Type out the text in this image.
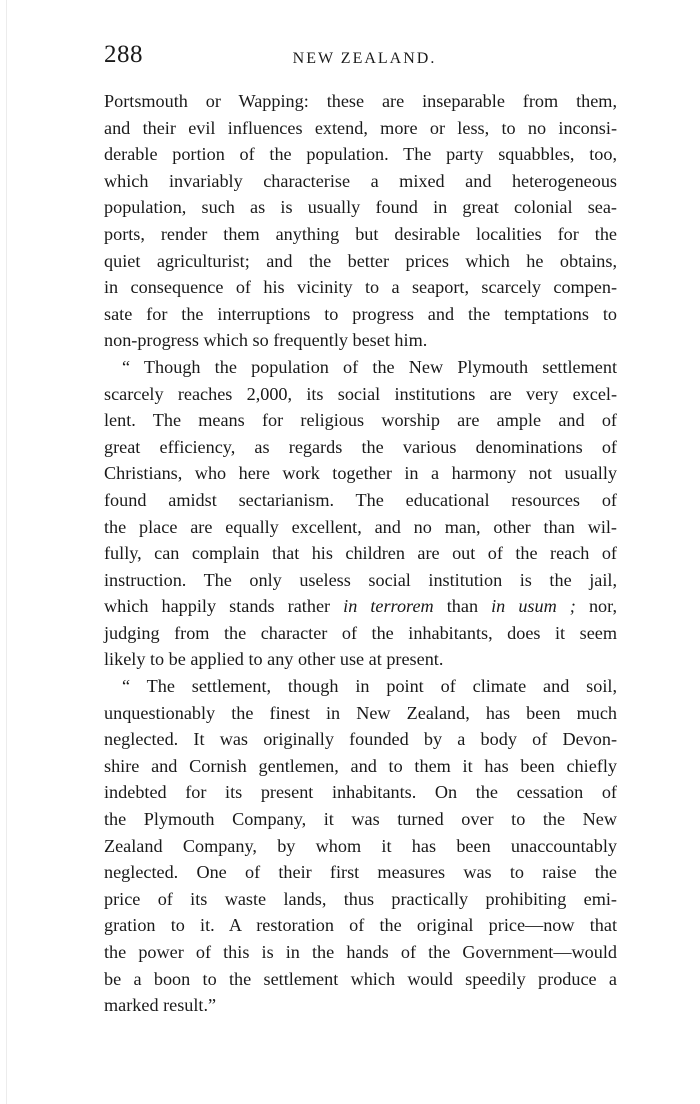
288	NEW ZEALAND.

Portsmouth or Wapping: these are inseparable from them,
and their evil influences extend, more or less, to no inconsi-
derable portion of the population. The party squabbles, too,
which invariably characterise a mixed and heterogeneous
population, such as is usually found in great colonial sea-
ports, render them anything but desirable localities for the
quiet agriculturist; and the better prices which he obtains,
in consequence of his vicinity to a seaport, scarcely compen-
sate for the interruptions to progress and the temptations to
non-progress which so frequently beset him.

“ Though the population of the New Plymouth settlement
scarcely reaches 2,000, its social institutions are very excel-
lent. The means for religious worship are ample and of
great efficiency, as regards the various denominations of
Christians, who here work together in a harmony not usually
found amidst sectarianism. The educational resources of
the place are equally excellent, and no man, other than wil-
fully, can complain that his children are out of the reach of
instruction. The only useless social institution is the jail,
which happily stands rather in terrorem than in usum ; nor,
judging from the character of the inhabitants, does it seem
likely to be applied to any other use at present.

“ The settlement, though in point of climate and soil,
unquestionably the finest in New Zealand, has been much
neglected. It was originally founded by a body of Devon-
shire and Cornish gentlemen, and to them it has been chiefly
indebted for its present inhabitants. On the cessation of
the Plymouth Company, it was turned over to the New
Zealand Company, by whom it has been unaccountably
neglected. One of their first measures was to raise the
price of its waste lands, thus practically prohibiting emi-
gration to it. A restoration of the original price—now that
the power of this is in the hands of the Government—would
be a boon to the settlement which would speedily produce a
marked result.”
